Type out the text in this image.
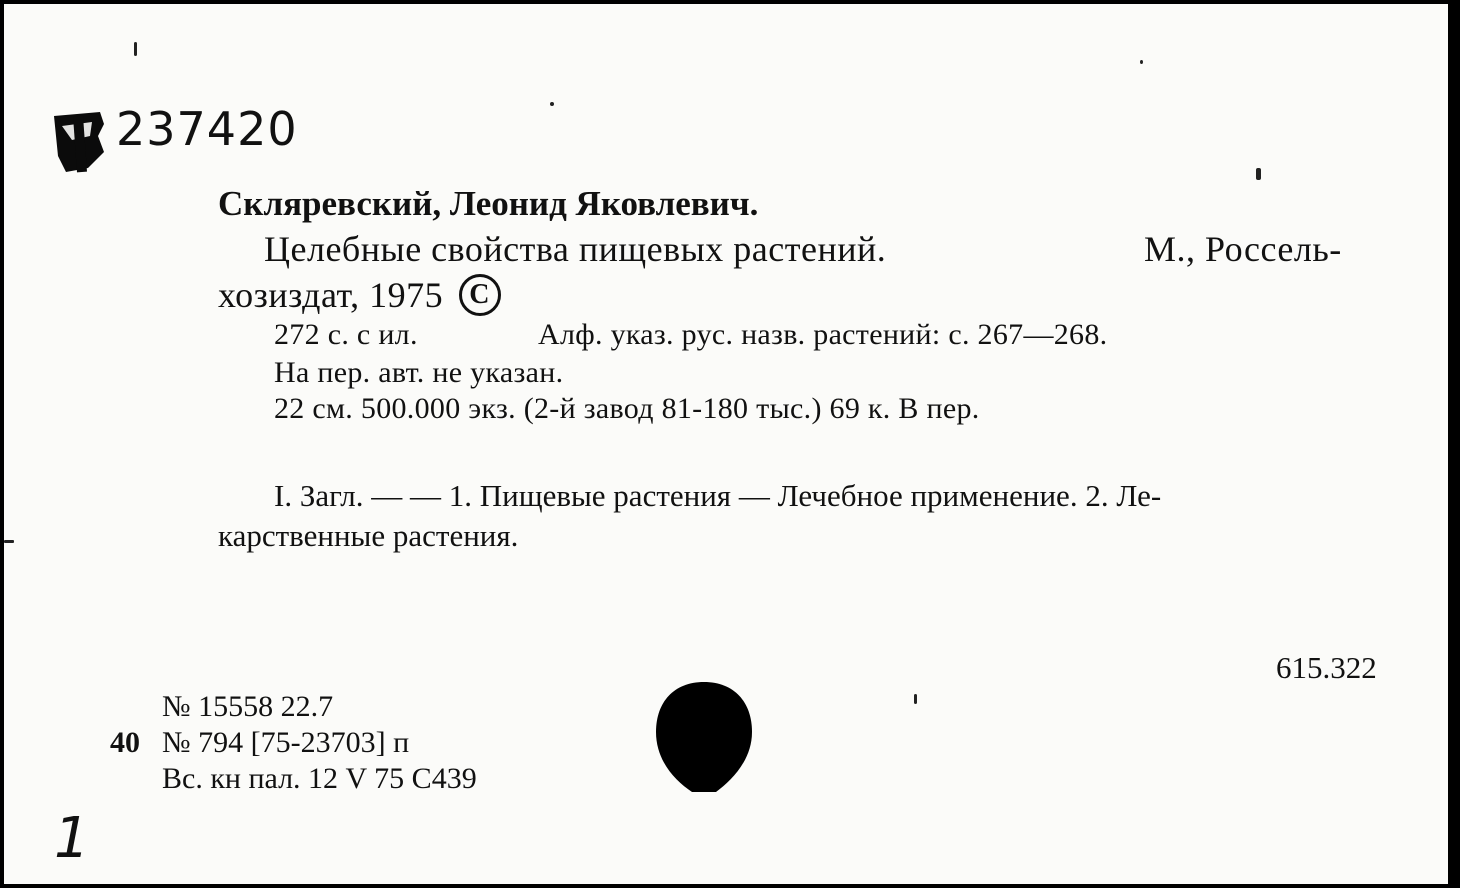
237420
Скляревский, Леонид Яковлевич.
Целебные свойства пищевых растений.	М., Россель-
хозиздат, 1975 C
272 с. с ил.	Алф. указ. рус. назв. растений: с. 267—268.
На пер. авт. не указан.
22 см. 500.000 экз. (2-й завод 81-180 тыс.) 69 к. В пер.
I. Загл. — — 1. Пищевые растения — Лечебное применение. 2. Ле-
карственные растения.
615.322
№ 15558 22.7
40 № 794 [75-23703] п
Вс. кн пал. 12 V 75 С439
1
